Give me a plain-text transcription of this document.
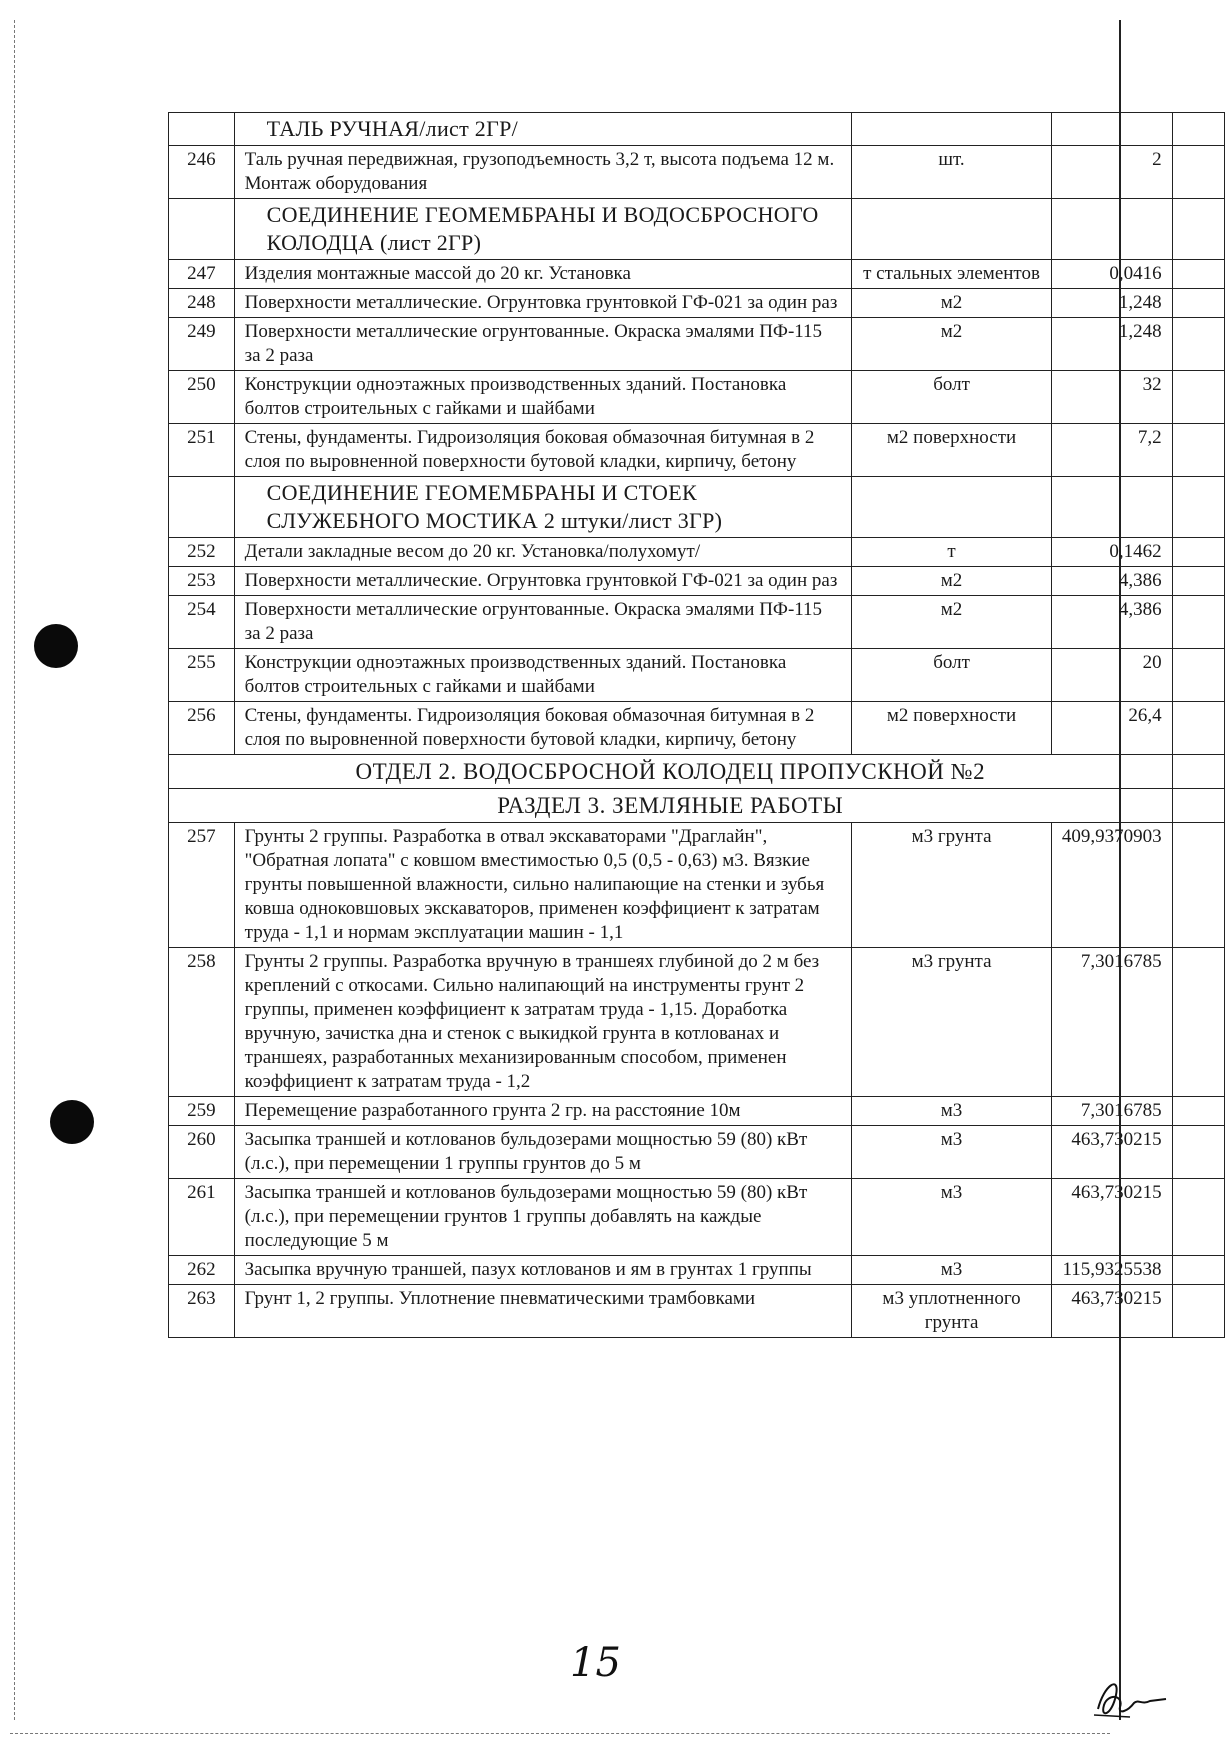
	ТАЛЬ РУЧНАЯ/лист 2ГР/			
246	Таль ручная передвижная, грузоподъемность 3,2 т, высота подъема 12 м. Монтаж оборудования	шт.	2	
	СОЕДИНЕНИЕ ГЕОМЕМБРАНЫ И ВОДОСБРОСНОГО КОЛОДЦА (лист 2ГР)			
247	Изделия монтажные массой до 20 кг. Установка	т стальных элементов	0,0416	
248	Поверхности металлические. Огрунтовка грунтовкой ГФ-021 за один раз	м2	1,248	
249	Поверхности металлические огрунтованные. Окраска эмалями ПФ-115 за 2 раза	м2	1,248	
250	Конструкции одноэтажных производственных зданий. Постановка болтов строительных с гайками и шайбами	болт	32	
251	Стены, фундаменты. Гидроизоляция боковая обмазочная битумная в 2 слоя по выровненной поверхности бутовой кладки, кирпичу, бетону	м2 поверхности	7,2	
	СОЕДИНЕНИЕ ГЕОМЕМБРАНЫ И СТОЕК СЛУЖЕБНОГО МОСТИКА 2 штуки/лист 3ГР)			
252	Детали закладные весом до 20 кг. Установка/полухомут/	т	0,1462	
253	Поверхности металлические. Огрунтовка грунтовкой ГФ-021 за один раз	м2	4,386	
254	Поверхности металлические огрунтованные. Окраска эмалями ПФ-115 за 2 раза	м2	4,386	
255	Конструкции одноэтажных производственных зданий. Постановка болтов строительных с гайками и шайбами	болт	20	
256	Стены, фундаменты. Гидроизоляция боковая обмазочная битумная в 2 слоя по выровненной поверхности бутовой кладки, кирпичу, бетону	м2 поверхности	26,4	
ОТДЕЛ 2. ВОДОСБРОСНОЙ КОЛОДЕЦ ПРОПУСКНОЙ №2				
РАЗДЕЛ 3. ЗЕМЛЯНЫЕ РАБОТЫ				
257	Грунты 2 группы. Разработка в отвал экскаваторами "Драглайн", "Обратная лопата" с ковшом вместимостью 0,5 (0,5 - 0,63) м3. Вязкие грунты повышенной влажности, сильно налипающие на стенки и зубья ковша одноковшовых экскаваторов, применен коэффициент к затратам труда - 1,1 и нормам эксплуатации машин - 1,1	м3 грунта	409,9370903	
258	Грунты 2 группы. Разработка вручную в траншеях глубиной до 2 м без креплений с откосами. Сильно налипающий на инструменты грунт 2 группы, применен коэффициент к затратам труда - 1,15. Доработка вручную, зачистка дна и стенок с выкидкой грунта в котлованах и траншеях, разработанных механизированным способом, применен коэффициент к затратам труда - 1,2	м3 грунта	7,3016785	
259	Перемещение разработанного грунта 2 гр. на расстояние 10м	м3	7,3016785	
260	Засыпка траншей и котлованов бульдозерами мощностью 59 (80) кВт (л.с.), при перемещении 1 группы грунтов до 5 м	м3	463,730215	
261	Засыпка траншей и котлованов бульдозерами мощностью 59 (80) кВт (л.с.), при перемещении грунтов 1 группы добавлять на каждые последующие 5 м	м3	463,730215	
262	Засыпка вручную траншей, пазух котлованов и ям в грунтах 1 группы	м3	115,9325538	
263	Грунт 1, 2 группы. Уплотнение пневматическими трамбовками	м3 уплотненного грунта	463,730215	
15
